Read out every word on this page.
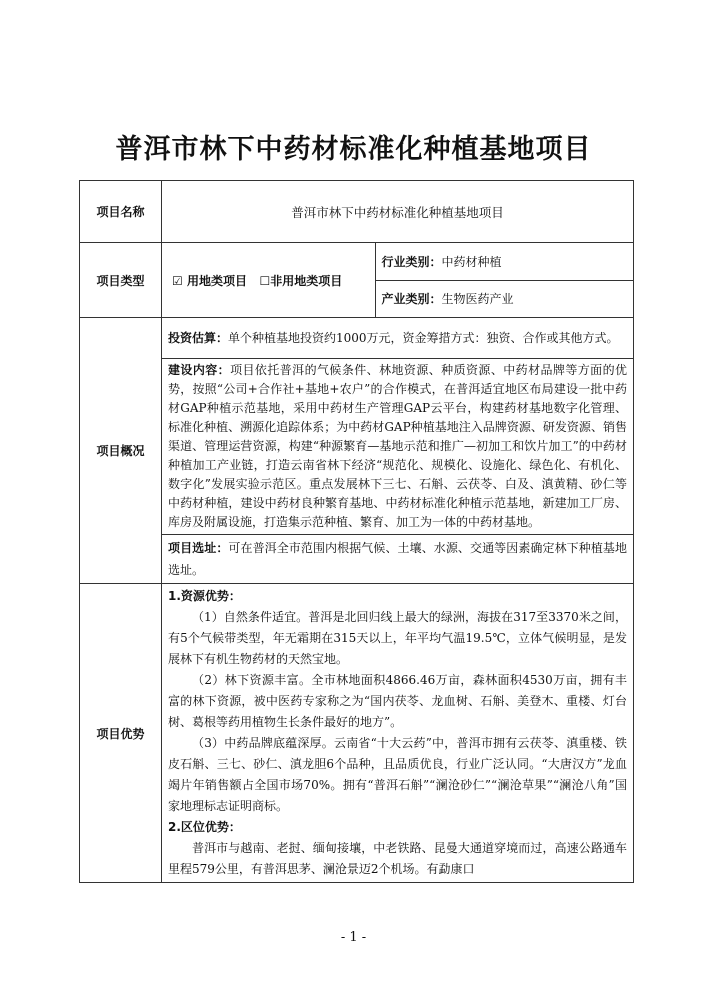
普洱市林下中药材标准化种植基地项目
项目名称	普洱市林下中药材标准化种植基地项目
项目类型	☑ 用地类项目 ☐非用地类项目	行业类别：中药材种植
产业类别：生物医药产业

项目概况	投资估算：单个种植基地投资约1000万元，资金筹措方式：独资、合作或其他方式。
建设内容：项目依托普洱的气候条件、林地资源、种质资源、中药材品牌等方面的优势，按照“公司+合作社+基地+农户”的合作模式，在普洱适宜地区布局建设一批中药材GAP种植示范基地，采用中药材生产管理GAP云平台，构建药材基地数字化管理、标准化种植、溯源化追踪体系；为中药材GAP种植基地注入品牌资源、研发资源、销售渠道、管理运营资源，构建“种源繁育—基地示范和推广—初加工和饮片加工”的中药材种植加工产业链，打造云南省林下经济“规范化、规模化、设施化、绿色化、有机化、数字化”发展实验示范区。重点发展林下三七、石斛、云茯苓、白及、滇黄精、砂仁等中药材种植，建设中药材良种繁育基地、中药材标准化种植示范基地，新建加工厂房、库房及附属设施，打造集示范种植、繁育、加工为一体的中药材基地。
项目选址：可在普洱全市范围内根据气候、土壤、水源、交通等因素确定林下种植基地选址。
项目优势	
1.资源优势：
（1）自然条件适宜。普洱是北回归线上最大的绿洲，海拔在317至3370米之间，有5个气候带类型，年无霜期在315天以上，年平均气温19.5℃，立体气候明显，是发展林下有机生物药材的天然宝地。
（2）林下资源丰富。全市林地面积4866.46万亩，森林面积4530万亩，拥有丰富的林下资源，被中医药专家称之为“国内茯苓、龙血树、石斛、美登木、重楼、灯台树、葛根等药用植物生长条件最好的地方”。
（3）中药品牌底蕴深厚。云南省“十大云药”中，普洱市拥有云茯苓、滇重楼、铁皮石斛、三七、砂仁、滇龙胆6个品种，且品质优良，行业广泛认同。“大唐汉方”龙血竭片年销售额占全国市场70%。拥有“普洱石斛”“澜沧砂仁”“澜沧草果”“澜沧八角”国家地理标志证明商标。
2.区位优势：
普洱市与越南、老挝、缅甸接壤，中老铁路、昆曼大通道穿境而过，高速公路通车里程579公里，有普洱思茅、澜沧景迈2个机场。有勐康口
- 1 -
